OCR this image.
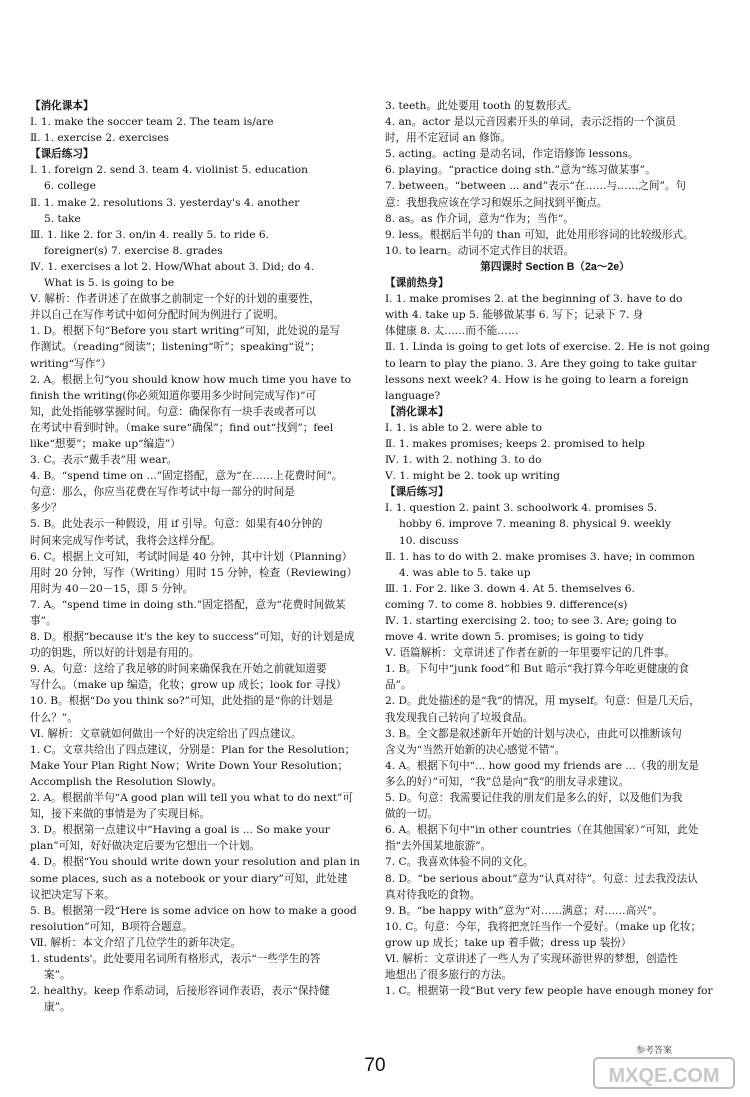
【消化课本】
Ⅰ. 1. make the soccer team 2. The team is/are
Ⅱ. 1. exercise 2. exercises
【课后练习】
Ⅰ. 1. foreign 2. send 3. team 4. violinist 5. education
6. college
Ⅱ. 1. make 2. resolutions 3. yesterday's 4. another
5. take
Ⅲ. 1. like 2. for 3. on/in 4. really 5. to ride 6.
foreigner(s) 7. exercise 8. grades
Ⅳ. 1. exercises a lot 2. How/What about 3. Did; do 4.
What is 5. is going to be
Ⅴ. 解析：作者讲述了在做事之前制定一个好的计划的重要性，
并以自己在写作考试中如何分配时间为例进行了说明。
1. D。根据下句“Before you start writing”可知，此处说的是写
作测试。（reading“阅读”；listening“听”；speaking“说”；
writing“写作”）
2. A。根据上句“you should know how much time you have to
finish the writing(你必须知道你要用多少时间完成写作)”可
知，此处指能够掌握时间。句意：确保你有一块手表或者可以
在考试中看到时钟。（make sure“确保”；find out“找到”；feel
like“想要”；make up“编造”）
3. C。表示“戴手表”用 wear。
4. B。“spend time on ...”固定搭配，意为“在……上花费时间”。
句意：那么，你应当花费在写作考试中每一部分的时间是
多少？
5. B。此处表示一种假设，用 if 引导。句意：如果有40分钟的
时间来完成写作考试，我将会这样分配。
6. C。根据上文可知，考试时间是 40 分钟，其中计划（Planning）
用时 20 分钟，写作（Writing）用时 15 分钟，检查（Reviewing）
用时为 40－20－15，即 5 分钟。
7. A。“spend time in doing sth.”固定搭配，意为“花费时间做某
事”。
8. D。根据“because it's the key to success”可知，好的计划是成
功的钥匙，所以好的计划是有用的。
9. A。句意：这给了我足够的时间来确保我在开始之前就知道要
写什么。（make up 编造，化妆；grow up 成长；look for 寻找）
10. B。根据“Do you think so?”可知，此处指的是“你的计划是
什么？”。
Ⅵ. 解析：文章就如何做出一个好的决定给出了四点建议。
1. C。文章共给出了四点建议，分别是：Plan for the Resolution；
Make Your Plan Right Now；Write Down Your Resolution；
Accomplish the Resolution Slowly。
2. A。根据前半句“A good plan will tell you what to do next”可
知，接下来做的事情是为了实现目标。
3. D。根据第一点建议中“Having a goal is ... So make your
plan”可知，好好做决定后要为它想出一个计划。
4. D。根据“You should write down your resolution and plan in
some places, such as a notebook or your diary”可知，此处建
议把决定写下来。
5. B。根据第一段“Here is some advice on how to make a good
resolution”可知，B项符合题意。
Ⅶ. 解析：本文介绍了几位学生的新年决定。
1. students'。此处要用名词所有格形式，表示“一些学生的答
案”。
2. healthy。keep 作系动词，后接形容词作表语，表示“保持健
康”。
3. teeth。此处要用 tooth 的复数形式。
4. an。actor 是以元音因素开头的单词，表示泛指的一个演员
时，用不定冠词 an 修饰。
5. acting。acting 是动名词，作定语修饰 lessons。
6. playing。“practice doing sth.”意为“练习做某事”。
7. between。“between ... and”表示“在……与……之间”。句
意：我想我应该在学习和娱乐之间找到平衡点。
8. as。as 作介词，意为“作为；当作”。
9. less。根据后半句的 than 可知，此处用形容词的比较级形式。
10. to learn。动词不定式作目的状语。
第四课时 Section B（2a～2e）
【课前热身】
Ⅰ. 1. make promises 2. at the beginning of 3. have to do
with 4. take up 5. 能够做某事 6. 写下；记录下 7. 身
体健康 8. 太……而不能……
Ⅱ. 1. Linda is going to get lots of exercise. 2. He is not going
to learn to play the piano. 3. Are they going to take guitar
lessons next week? 4. How is he going to learn a foreign
language?
【消化课本】
Ⅰ. 1. is able to 2. were able to
Ⅱ. 1. makes promises; keeps 2. promised to help
Ⅳ. 1. with 2. nothing 3. to do
Ⅴ. 1. might be 2. took up writing
【课后练习】
Ⅰ. 1. question 2. paint 3. schoolwork 4. promises 5.
hobby 6. improve 7. meaning 8. physical 9. weekly
10. discuss
Ⅱ. 1. has to do with 2. make promises 3. have; in common
4. was able to 5. take up
Ⅲ. 1. For 2. like 3. down 4. At 5. themselves 6.
coming 7. to come 8. hobbies 9. difference(s)
Ⅳ. 1. starting exercising 2. too; to see 3. Are; going to
move 4. write down 5. promises; is going to tidy
Ⅴ. 语篇解析：文章讲述了作者在新的一年里要牢记的几件事。
1. B。下句中“junk food”和 But 暗示“我打算今年吃更健康的食
品”。
2. D。此处描述的是“我”的情况，用 myself。句意：但是几天后，
我发现我自己转向了垃圾食品。
3. B。全文都是叙述新年开始的计划与决心，由此可以推断该句
含义为“当然开始新的决心感觉不错”。
4. A。根据下句中“... how good my friends are ...（我的朋友是
多么的好）”可知，“我”总是向“我”的朋友寻求建议。
5. D。句意：我需要记住我的朋友们是多么的好，以及他们为我
做的一切。
6. A。根据下句中“in other countries（在其他国家）”可知，此处
指“去外国某地旅游”。
7. C。我喜欢体验不同的文化。
8. D。“be serious about”意为“认真对待”。句意：过去我没法认
真对待我吃的食物。
9. B。“be happy with”意为“对……满意；对……高兴”。
10. C。句意：今年，我将把烹饪当作一个爱好。（make up 化妆；
grow up 成长；take up 着手做；dress up 装扮）
Ⅵ. 解析：文章讲述了一些人为了实现环游世界的梦想，创造性
地想出了很多旅行的方法。
1. C。根据第一段“But very few people have enough money for
70	MXQE.COM
参考答案
